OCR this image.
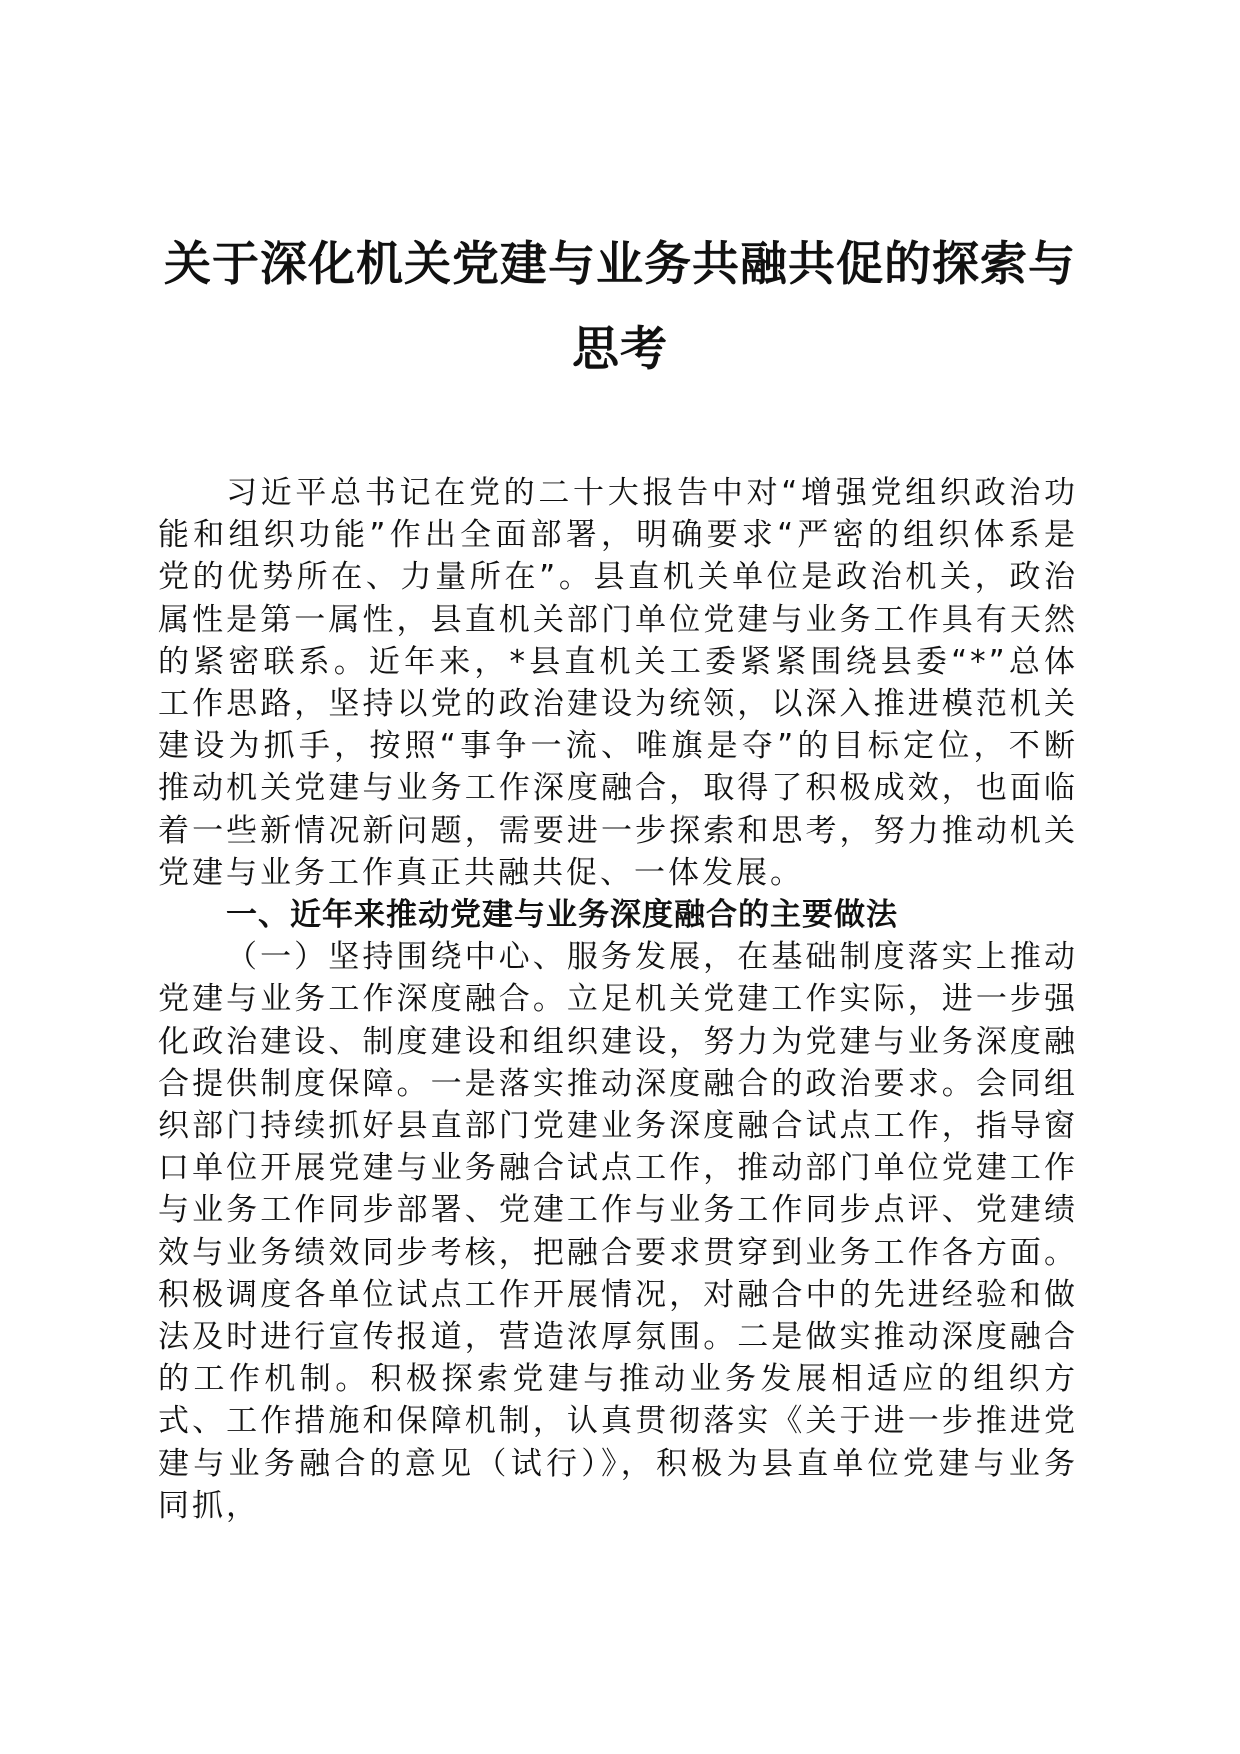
关于深化机关党建与业务共融共促的探索与思考

习近平总书记在党的二十大报告中对“增强党组织政治功能和组织功能”作出全面部署，明确要求“严密的组织体系是党的优势所在、力量所在”。县直机关单位是政治机关，政治属性是第一属性，县直机关部门单位党建与业务工作具有天然的紧密联系。近年来，*县直机关工委紧紧围绕县委“*”总体工作思路，坚持以党的政治建设为统领，以深入推进模范机关建设为抓手，按照“事争一流、唯旗是夺”的目标定位，不断推动机关党建与业务工作深度融合，取得了积极成效，也面临着一些新情况新问题，需要进一步探索和思考，努力推动机关党建与业务工作真正共融共促、一体发展。

一、近年来推动党建与业务深度融合的主要做法

（一）坚持围绕中心、服务发展，在基础制度落实上推动党建与业务工作深度融合。立足机关党建工作实际，进一步强化政治建设、制度建设和组织建设，努力为党建与业务深度融合提供制度保障。一是落实推动深度融合的政治要求。会同组织部门持续抓好县直部门党建业务深度融合试点工作，指导窗口单位开展党建与业务融合试点工作，推动部门单位党建工作与业务工作同步部署、党建工作与业务工作同步点评、党建绩效与业务绩效同步考核，把融合要求贯穿到业务工作各方面。积极调度各单位试点工作开展情况，对融合中的先进经验和做法及时进行宣传报道，营造浓厚氛围。二是做实推动深度融合的工作机制。积极探索党建与推动业务发展相适应的组织方式、工作措施和保障机制，认真贯彻落实《关于进一步推进党建与业务融合的意见（试行）》，积极为县直单位党建与业务同抓，
